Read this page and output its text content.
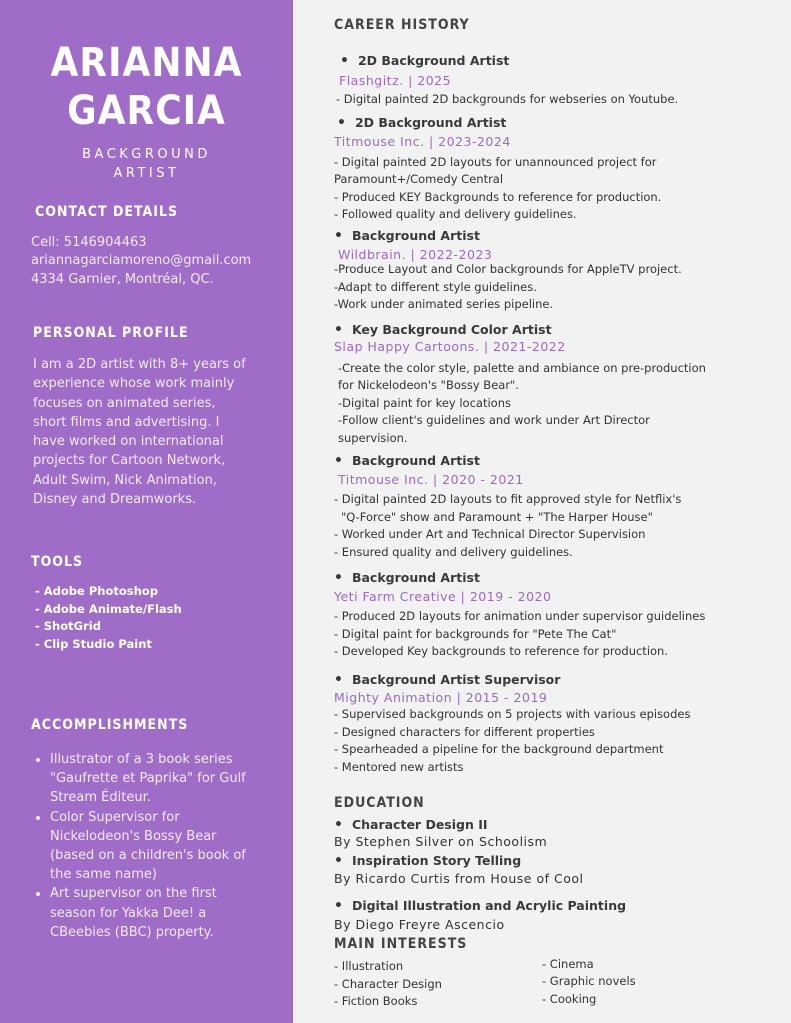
ARIANNA
GARCIA
BACKGROUND
ARTIST
CONTACT DETAILS
Cell: 5146904463
ariannagarciamoreno@gmail.com
4334 Garnier, Montréal, QC.
PERSONAL PROFILE
I am a 2D artist with 8+ years of experience whose work mainly focuses on animated series, short films and advertising. I have worked on international projects for Cartoon Network, Adult Swim, Nick Animation, Disney and Dreamworks.
TOOLS
- Adobe Photoshop
- Adobe Animate/Flash
- ShotGrid
- Clip Studio Paint
ACCOMPLISHMENTS
• Illustrator of a 3 book series "Gaufrette et Paprika" for Gulf Stream Éditeur.
• Color Supervisor for Nickelodeon's Bossy Bear (based on a children's book of the same name)
• Art supervisor on the first season for Yakka Dee! a CBeebies (BBC) property.
CAREER HISTORY
• 2D Background Artist
Flashgitz. | 2025
- Digital painted 2D backgrounds for webseries on Youtube.
• 2D Background Artist
Titmouse Inc. | 2023-2024
- Digital painted 2D layouts for unannounced project for
Paramount+/Comedy Central
- Produced KEY Backgrounds to reference for production.
- Followed quality and delivery guidelines.
• Background Artist
Wildbrain. | 2022-2023
-Produce Layout and Color backgrounds for AppleTV project.
-Adapt to different style guidelines.
-Work under animated series pipeline.
• Key Background Color Artist
Slap Happy Cartoons. | 2021-2022
-Create the color style, palette and ambiance on pre-production
for Nickelodeon's "Bossy Bear".
-Digital paint for key locations
-Follow client's guidelines and work under Art Director
supervision.
• Background Artist
Titmouse Inc. | 2020 - 2021
- Digital painted 2D layouts to fit approved style for Netflix's
"Q-Force" show and Paramount + "The Harper House"
- Worked under Art and Technical Director Supervision
- Ensured quality and delivery guidelines.
• Background Artist
Yeti Farm Creative | 2019 - 2020
- Produced 2D layouts for animation under supervisor guidelines
- Digital paint for backgrounds for "Pete The Cat"
- Developed Key backgrounds to reference for production.
• Background Artist Supervisor
Mighty Animation | 2015 - 2019
- Supervised backgrounds on 5 projects with various episodes
- Designed characters for different properties
- Spearheaded a pipeline for the background department
- Mentored new artists
EDUCATION
• Character Design II
By Stephen Silver on Schoolism
• Inspiration Story Telling
By Ricardo Curtis from House of Cool
• Digital Illustration and Acrylic Painting
By Diego Freyre Ascencio
MAIN INTERESTS
- Illustration
- Character Design
- Fiction Books
- Cinema
- Graphic novels
- Cooking
